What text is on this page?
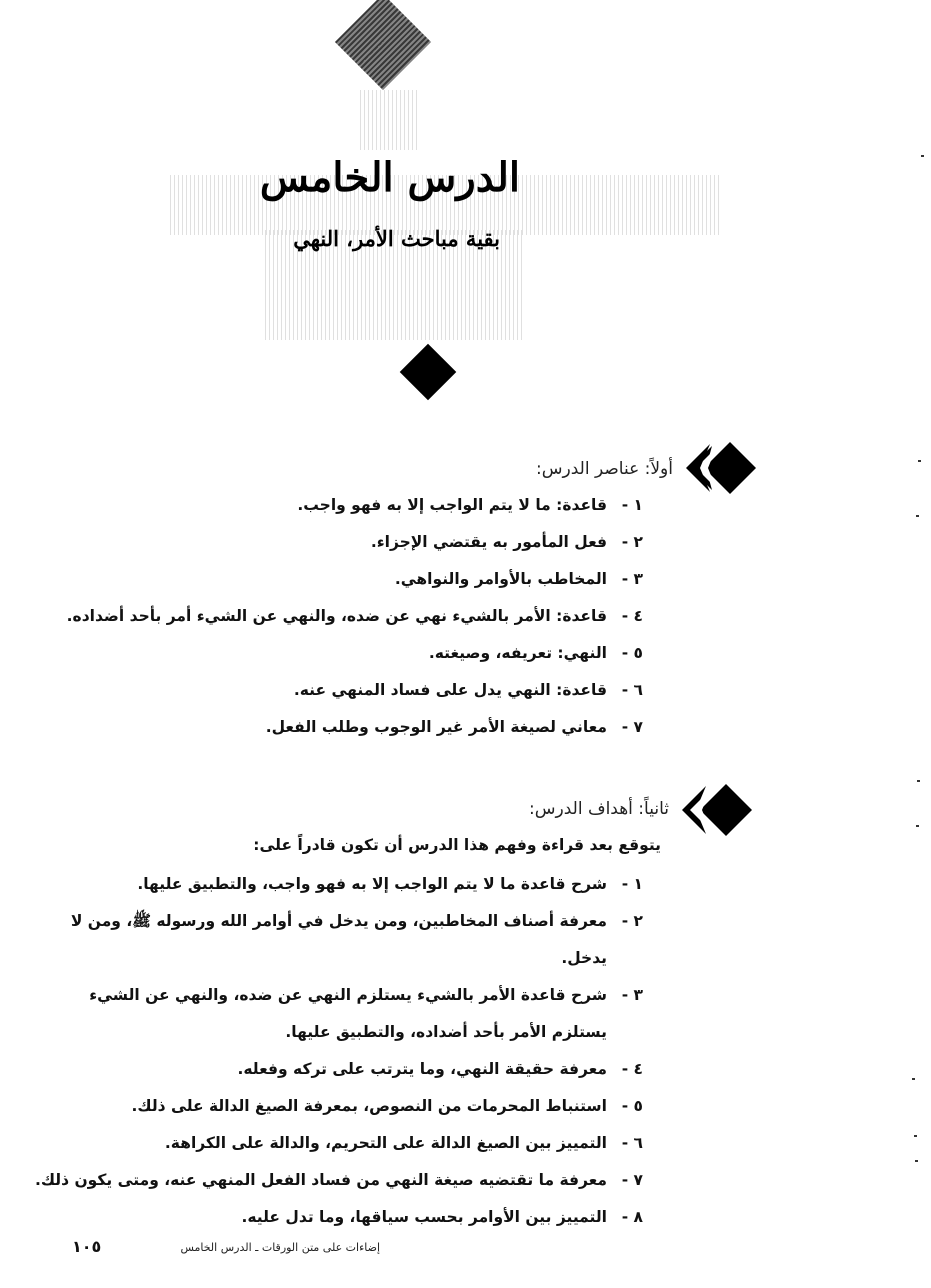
الدرس الخامس
بقية مباحث الأمر، النهي
أولاً: عناصر الدرس:
١ -قاعدة: ما لا يتم الواجب إلا به فهو واجب.
٢ -فعل المأمور به يقتضي الإجزاء.
٣ -المخاطب بالأوامر والنواهي.
٤ -قاعدة: الأمر بالشيء نهي عن ضده، والنهي عن الشيء أمر بأحد أضداده.
٥ -النهي: تعريفه، وصيغته.
٦ -قاعدة: النهي يدل على فساد المنهي عنه.
٧ -معاني لصيغة الأمر غير الوجوب وطلب الفعل.
ثانياً: أهداف الدرس:
يتوقع بعد قراءة وفهم هذا الدرس أن تكون قادراً على:
١ -شرح قاعدة ما لا يتم الواجب إلا به فهو واجب، والتطبيق عليها.
٢ -معرفة أصناف المخاطبين، ومن يدخل في أوامر الله ورسوله ﷺ، ومن لا
يدخل.
٣ -شرح قاعدة الأمر بالشيء يستلزم النهي عن ضده، والنهي عن الشيء
يستلزم الأمر بأحد أضداده، والتطبيق عليها.
٤ -معرفة حقيقة النهي، وما يترتب على تركه وفعله.
٥ -استنباط المحرمات من النصوص، بمعرفة الصيغ الدالة على ذلك.
٦ -التمييز بين الصيغ الدالة على التحريم، والدالة على الكراهة.
٧ -معرفة ما تقتضيه صيغة النهي من فساد الفعل المنهي عنه، ومتى يكون ذلك.
٨ -التمييز بين الأوامر بحسب سياقها، وما تدل عليه.
إضاءات على متن الورقات ـ الدرس الخامس
١٠٥
